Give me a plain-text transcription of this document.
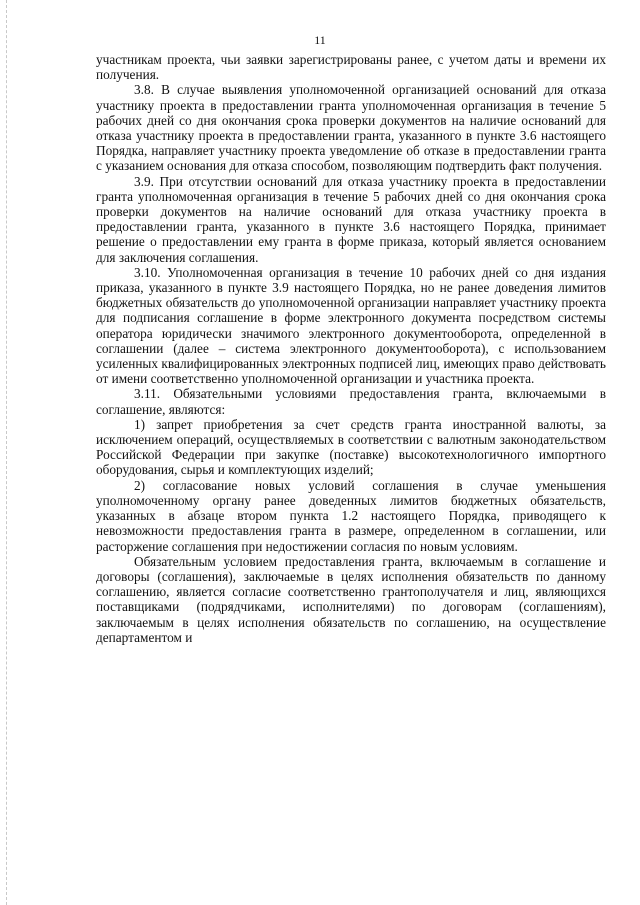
11

участникам проекта, чьи заявки зарегистрированы ранее, с учетом даты и времени их получения.

3.8. В случае выявления уполномоченной организацией оснований для отказа участнику проекта в предоставлении гранта уполномоченная организация в течение 5 рабочих дней со дня окончания срока проверки документов на наличие оснований для отказа участнику проекта в предоставлении гранта, указанного в пункте 3.6 настоящего Порядка, направляет участнику проекта уведомление об отказе в предоставлении гранта с указанием основания для отказа способом, позволяющим подтвердить факт получения.

3.9. При отсутствии оснований для отказа участнику проекта в предоставлении гранта уполномоченная организация в течение 5 рабочих дней со дня окончания срока проверки документов на наличие оснований для отказа участнику проекта в предоставлении гранта, указанного в пункте 3.6 настоящего Порядка, принимает решение о предоставлении ему гранта в форме приказа, который является основанием для заключения соглашения.

3.10. Уполномоченная организация в течение 10 рабочих дней со дня издания приказа, указанного в пункте 3.9 настоящего Порядка, но не ранее доведения лимитов бюджетных обязательств до уполномоченной организации направляет участнику проекта для подписания соглашение в форме электронного документа посредством системы оператора юридически значимого электронного документооборота, определенной в соглашении (далее – система электронного документооборота), с использованием усиленных квалифицированных электронных подписей лиц, имеющих право действовать от имени соответственно уполномоченной организации и участника проекта.

3.11. Обязательными условиями предоставления гранта, включаемыми в соглашение, являются:

1) запрет приобретения за счет средств гранта иностранной валюты, за исключением операций, осуществляемых в соответствии с валютным законодательством Российской Федерации при закупке (поставке) высокотехнологичного импортного оборудования, сырья и комплектующих изделий;

2) согласование новых условий соглашения в случае уменьшения уполномоченному органу ранее доведенных лимитов бюджетных обязательств, указанных в абзаце втором пункта 1.2 настоящего Порядка, приводящего к невозможности предоставления гранта в размере, определенном в соглашении, или расторжение соглашения при недостижении согласия по новым условиям.

Обязательным условием предоставления гранта, включаемым в соглашение и договоры (соглашения), заключаемые в целях исполнения обязательств по данному соглашению, является согласие соответственно грантополучателя и лиц, являющихся поставщиками (подрядчиками, исполнителями) по договорам (соглашениям), заключаемым в целях исполнения обязательств по соглашению, на осуществление департаментом и
